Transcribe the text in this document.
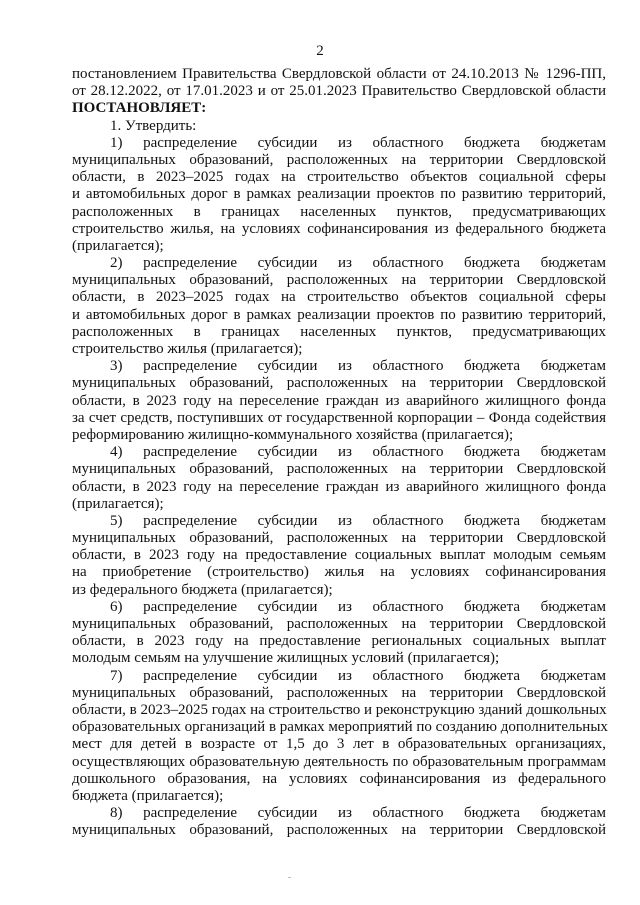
2
постановлением Правительства Свердловской области от 24.10.2013 № 1296-ПП,
от 28.12.2022, от 17.01.2023 и от 25.01.2023 Правительство Свердловской области
ПОСТАНОВЛЯЕТ:
1. Утвердить:
1) распределение субсидии из областного бюджета бюджетам
муниципальных образований, расположенных на территории Свердловской
области, в 2023–2025 годах на строительство объектов социальной сферы
и автомобильных дорог в рамках реализации проектов по развитию территорий,
расположенных в границах населенных пунктов, предусматривающих
строительство жилья, на условиях софинансирования из федерального бюджета
(прилагается);
2) распределение субсидии из областного бюджета бюджетам
муниципальных образований, расположенных на территории Свердловской
области, в 2023–2025 годах на строительство объектов социальной сферы
и автомобильных дорог в рамках реализации проектов по развитию территорий,
расположенных в границах населенных пунктов, предусматривающих
строительство жилья (прилагается);
3) распределение субсидии из областного бюджета бюджетам
муниципальных образований, расположенных на территории Свердловской
области, в 2023 году на переселение граждан из аварийного жилищного фонда
за счет средств, поступивших от государственной корпорации – Фонда содействия
реформированию жилищно-коммунального хозяйства (прилагается);
4) распределение субсидии из областного бюджета бюджетам
муниципальных образований, расположенных на территории Свердловской
области, в 2023 году на переселение граждан из аварийного жилищного фонда
(прилагается);
5) распределение субсидии из областного бюджета бюджетам
муниципальных образований, расположенных на территории Свердловской
области, в 2023 году на предоставление социальных выплат молодым семьям
на приобретение (строительство) жилья на условиях софинансирования
из федерального бюджета (прилагается);
6) распределение субсидии из областного бюджета бюджетам
муниципальных образований, расположенных на территории Свердловской
области, в 2023 году на предоставление региональных социальных выплат
молодым семьям на улучшение жилищных условий (прилагается);
7) распределение субсидии из областного бюджета бюджетам
муниципальных образований, расположенных на территории Свердловской
области, в 2023–2025 годах на строительство и реконструкцию зданий дошкольных
образовательных организаций в рамках мероприятий по созданию дополнительных
мест для детей в возрасте от 1,5 до 3 лет в образовательных организациях,
осуществляющих образовательную деятельность по образовательным программам
дошкольного образования, на условиях софинансирования из федерального
бюджета (прилагается);
8) распределение субсидии из областного бюджета бюджетам
муниципальных образований, расположенных на территории Свердловской
